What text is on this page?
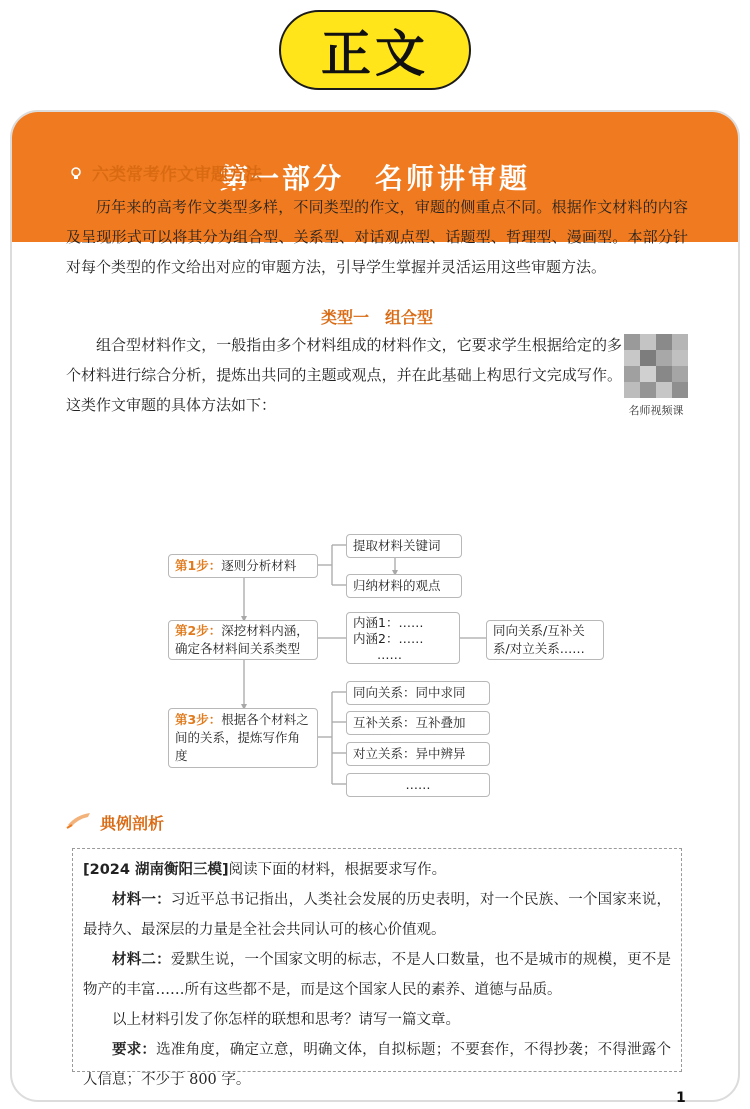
正文
第一部分　名师讲审题
六类常考作文审题方法

历年来的高考作文类型多样，不同类型的作文，审题的侧重点不同。根据作文材料的内容及呈现形式可以将其分为组合型、关系型、对话观点型、话题型、哲理型、漫画型。本部分针对每个类型的作文给出对应的审题方法，引导学生掌握并灵活运用这些审题方法。

类型一　组合型

组合型材料作文，一般指由多个材料组成的材料作文，它要求学生根据给定的多个材料进行综合分析，提炼出共同的主题或观点，并在此基础上构思行文完成写作。这类作文审题的具体方法如下：	名师视频课
第1步：逐则分析材料
提取材料关键词
归纳材料的观点
第2步：深挖材料内涵，确定各材料间关系类型
内涵1：……
内涵2：……
……
同向关系/互补关系/对立关系……
第3步：根据各个材料之间的关系，提炼写作角度
同向关系：同中求同
互补关系：互补叠加
对立关系：异中辨异
……
典例剖析

[2024 湖南衡阳三模]阅读下面的材料，根据要求写作。

材料一：习近平总书记指出，人类社会发展的历史表明，对一个民族、一个国家来说，最持久、最深层的力量是全社会共同认可的核心价值观。

材料二：爱默生说，一个国家文明的标志，不是人口数量，也不是城市的规模，更不是物产的丰富……所有这些都不是，而是这个国家人民的素养、道德与品质。

以上材料引发了你怎样的联想和思考？请写一篇文章。

要求：选准角度，确定立意，明确文体，自拟标题；不要套作，不得抄袭；不得泄露个人信息；不少于 800 字。

1
